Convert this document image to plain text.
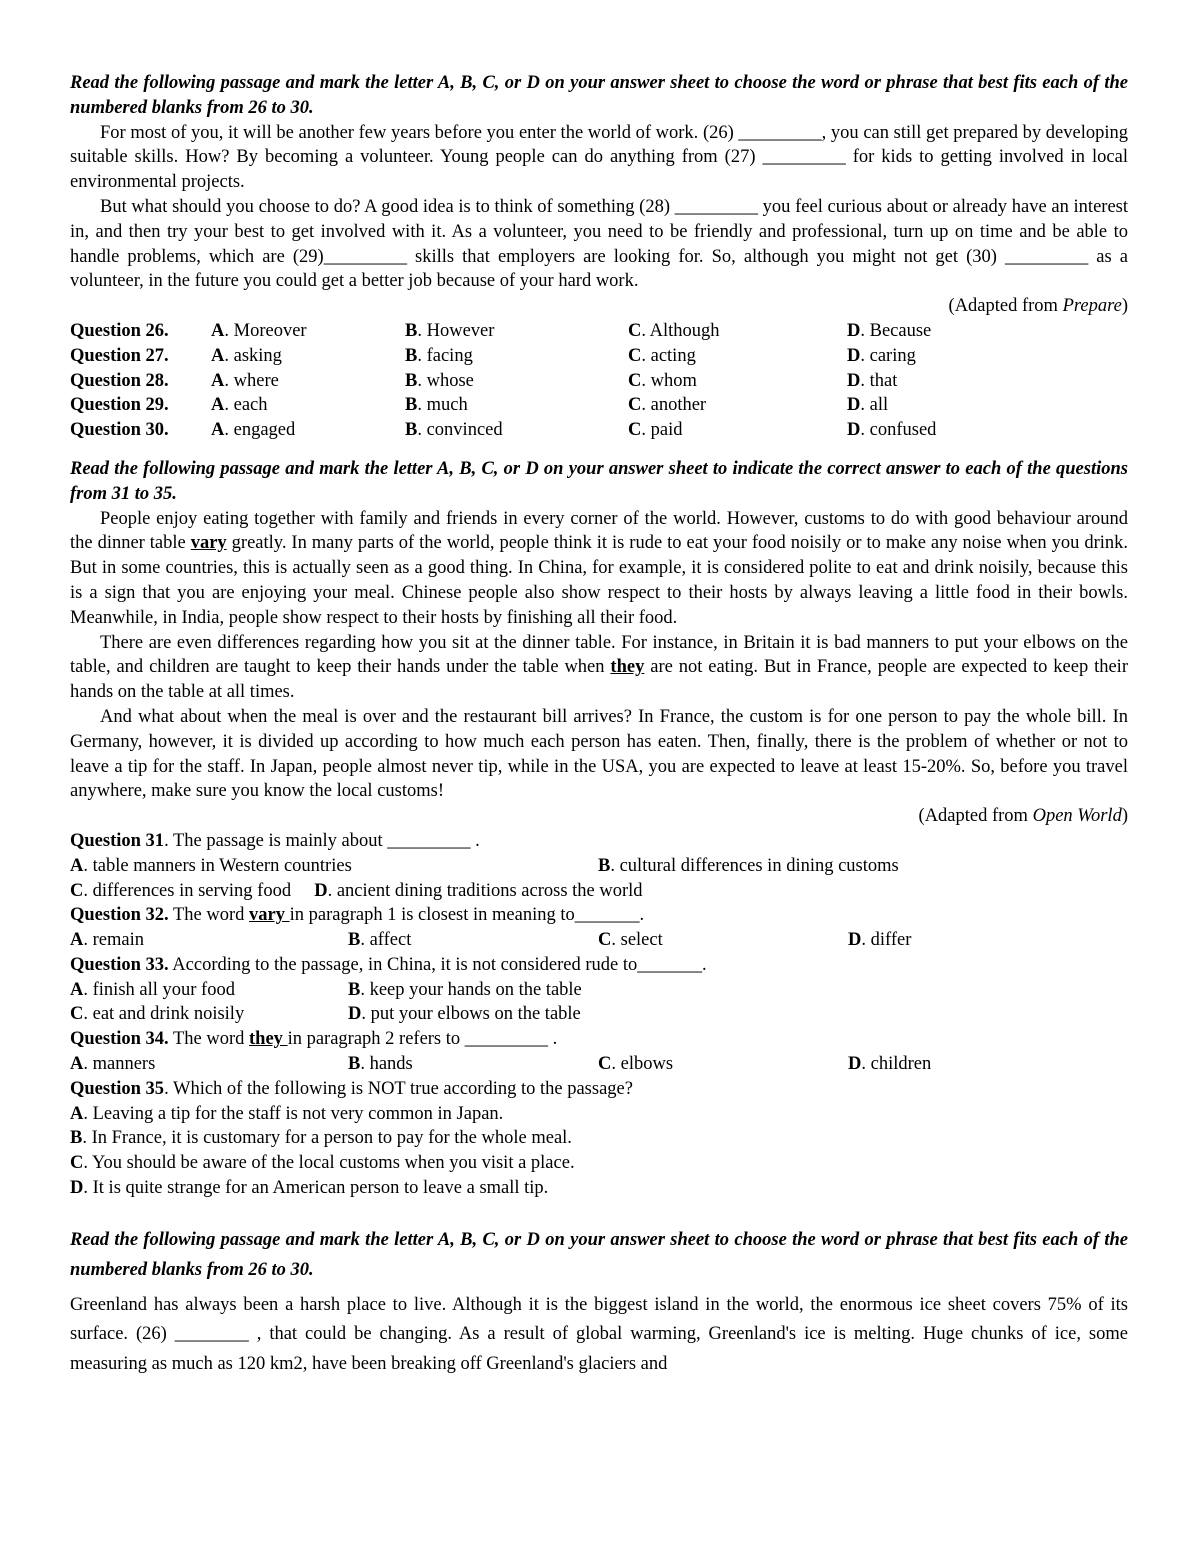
Read the following passage and mark the letter A, B, C, or D on your answer sheet to choose the word or phrase that best fits each of the numbered blanks from 26 to 30.

For most of you, it will be another few years before you enter the world of work. (26) _________, you can still get prepared by developing suitable skills. How? By becoming a volunteer. Young people can do anything from (27) _________ for kids to getting involved in local environmental projects.

But what should you choose to do? A good idea is to think of something (28) _________ you feel curious about or already have an interest in, and then try your best to get involved with it. As a volunteer, you need to be friendly and professional, turn up on time and be able to handle problems, which are (29)_________ skills that employers are looking for. So, although you might not get (30) _________ as a volunteer, in the future you could get a better job because of your hard work.

(Adapted from Prepare)

Question 26.	A. Moreover	B. However	C. Although	D. Because
Question 27.	A. asking	B. facing	C. acting	D. caring
Question 28.	A. where	B. whose	C. whom	D. that
Question 29.	A. each	B. much	C. another	D. all
Question 30.	A. engaged	B. convinced	C. paid	D. confused

Read the following passage and mark the letter A, B, C, or D on your answer sheet to indicate the correct answer to each of the questions from 31 to 35.

People enjoy eating together with family and friends in every corner of the world. However, customs to do with good behaviour around the dinner table vary greatly. In many parts of the world, people think it is rude to eat your food noisily or to make any noise when you drink. But in some countries, this is actually seen as a good thing. In China, for example, it is considered polite to eat and drink noisily, because this is a sign that you are enjoying your meal. Chinese people also show respect to their hosts by always leaving a little food in their bowls. Meanwhile, in India, people show respect to their hosts by finishing all their food.

There are even differences regarding how you sit at the dinner table. For instance, in Britain it is bad manners to put your elbows on the table, and children are taught to keep their hands under the table when they are not eating. But in France, people are expected to keep their hands on the table at all times.

And what about when the meal is over and the restaurant bill arrives? In France, the custom is for one person to pay the whole bill. In Germany, however, it is divided up according to how much each person has eaten. Then, finally, there is the problem of whether or not to leave a tip for the staff. In Japan, people almost never tip, while in the USA, you are expected to leave at least 15-20%. So, before you travel anywhere, make sure you know the local customs!

(Adapted from Open World)

Question 31. The passage is mainly about _________ .

A. table manners in Western countries	B. cultural differences in dining customs

C. differences in serving food D. ancient dining traditions across the world

Question 32. The word vary in paragraph 1 is closest in meaning to_______.

A. remain	B. affect	C. select	D. differ

Question 33. According to the passage, in China, it is not considered rude to_______.

A. finish all your food	B. keep your hands on the table
C. eat and drink noisily	D. put your elbows on the table

Question 34. The word they in paragraph 2 refers to _________ .

A. manners	B. hands	C. elbows	D. children

Question 35. Which of the following is NOT true according to the passage?

A. Leaving a tip for the staff is not very common in Japan.

B. In France, it is customary for a person to pay for the whole meal.

C. You should be aware of the local customs when you visit a place.

D. It is quite strange for an American person to leave a small tip.

Read the following passage and mark the letter A, B, C, or D on your answer sheet to choose the word or phrase that best fits each of the numbered blanks from 26 to 30.

Greenland has always been a harsh place to live. Although it is the biggest island in the world, the enormous ice sheet covers 75% of its surface. (26) ________ , that could be changing. As a result of global warming, Greenland's ice is melting. Huge chunks of ice, some measuring as much as 120 km2, have been breaking off Greenland's glaciers and
